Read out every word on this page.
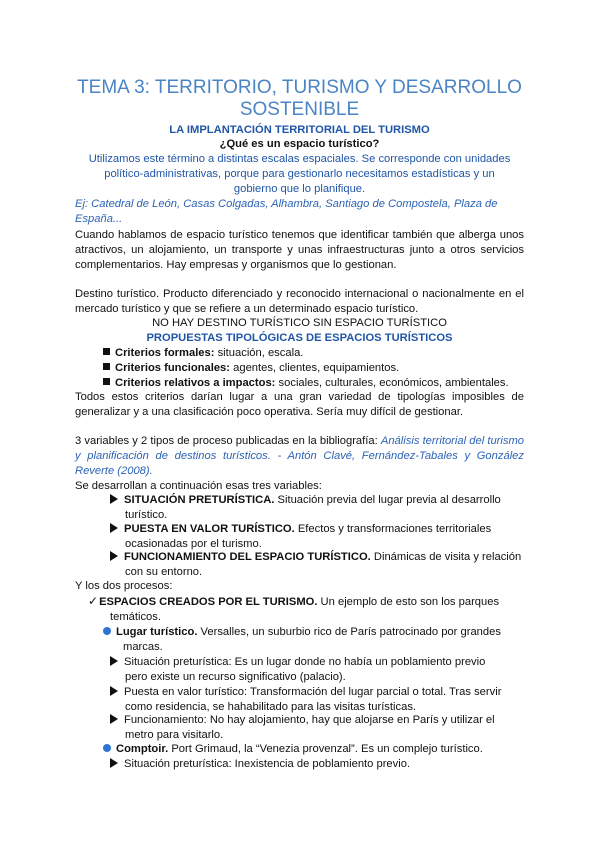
TEMA 3: TERRITORIO, TURISMO Y DESARROLLO
SOSTENIBLE
LA IMPLANTACIÓN TERRITORIAL DEL TURISMO
¿Qué es un espacio turístico?
Utilizamos este término a distintas escalas espaciales. Se corresponde con unidades
político-administrativas, porque para gestionarlo necesitamos estadísticas y un
gobierno que lo planifique.
Ej: Catedral de León, Casas Colgadas, Alhambra, Santiago de Compostela, Plaza de
España...
Cuando hablamos de espacio turístico tenemos que identificar también que alberga unos atractivos, un alojamiento, un transporte y unas infraestructuras junto a otros servicios complementarios. Hay empresas y organismos que lo gestionan.
Destino turístico. Producto diferenciado y reconocido internacional o nacionalmente en el mercado turístico y que se refiere a un determinado espacio turístico.
NO HAY DESTINO TURÍSTICO SIN ESPACIO TURÍSTICO
PROPUESTAS TIPOLÓGICAS DE ESPACIOS TURÍSTICOS
Criterios formales: situación, escala.
Criterios funcionales: agentes, clientes, equipamientos.
Criterios relativos a impactos: sociales, culturales, económicos, ambientales.
Todos estos criterios darían lugar a una gran variedad de tipologías imposibles de generalizar y a una clasificación poco operativa. Sería muy difícil de gestionar.
3 variables y 2 tipos de proceso publicadas en la bibliografía: Análisis territorial del turismo y planificación de destinos turísticos. - Antón Clavé, Fernández-Tabales y González Reverte (2008).
Se desarrollan a continuación esas tres variables:
SITUACIÓN PRETURÍSTICA. Situación previa del lugar previa al desarrollo
turístico.
PUESTA EN VALOR TURÍSTICO. Efectos y transformaciones territoriales
ocasionadas por el turismo.
FUNCIONAMIENTO DEL ESPACIO TURÍSTICO. Dinámicas de visita y relación
con su entorno.
Y los dos procesos:
✓ESPACIOS CREADOS POR EL TURISMO. Un ejemplo de esto son los parques
temáticos.
Lugar turístico. Versalles, un suburbio rico de París patrocinado por grandes
marcas.
Situación preturística: Es un lugar donde no había un poblamiento previo
pero existe un recurso significativo (palacio).
Puesta en valor turístico: Transformación del lugar parcial o total. Tras servir
como residencia, se hahabilitado para las visitas turísticas.
Funcionamiento: No hay alojamiento, hay que alojarse en París y utilizar el
metro para visitarlo.
Comptoir. Port Grimaud, la “Venezia provenzal”. Es un complejo turístico.
Situación preturística: Inexistencia de poblamiento previo.
